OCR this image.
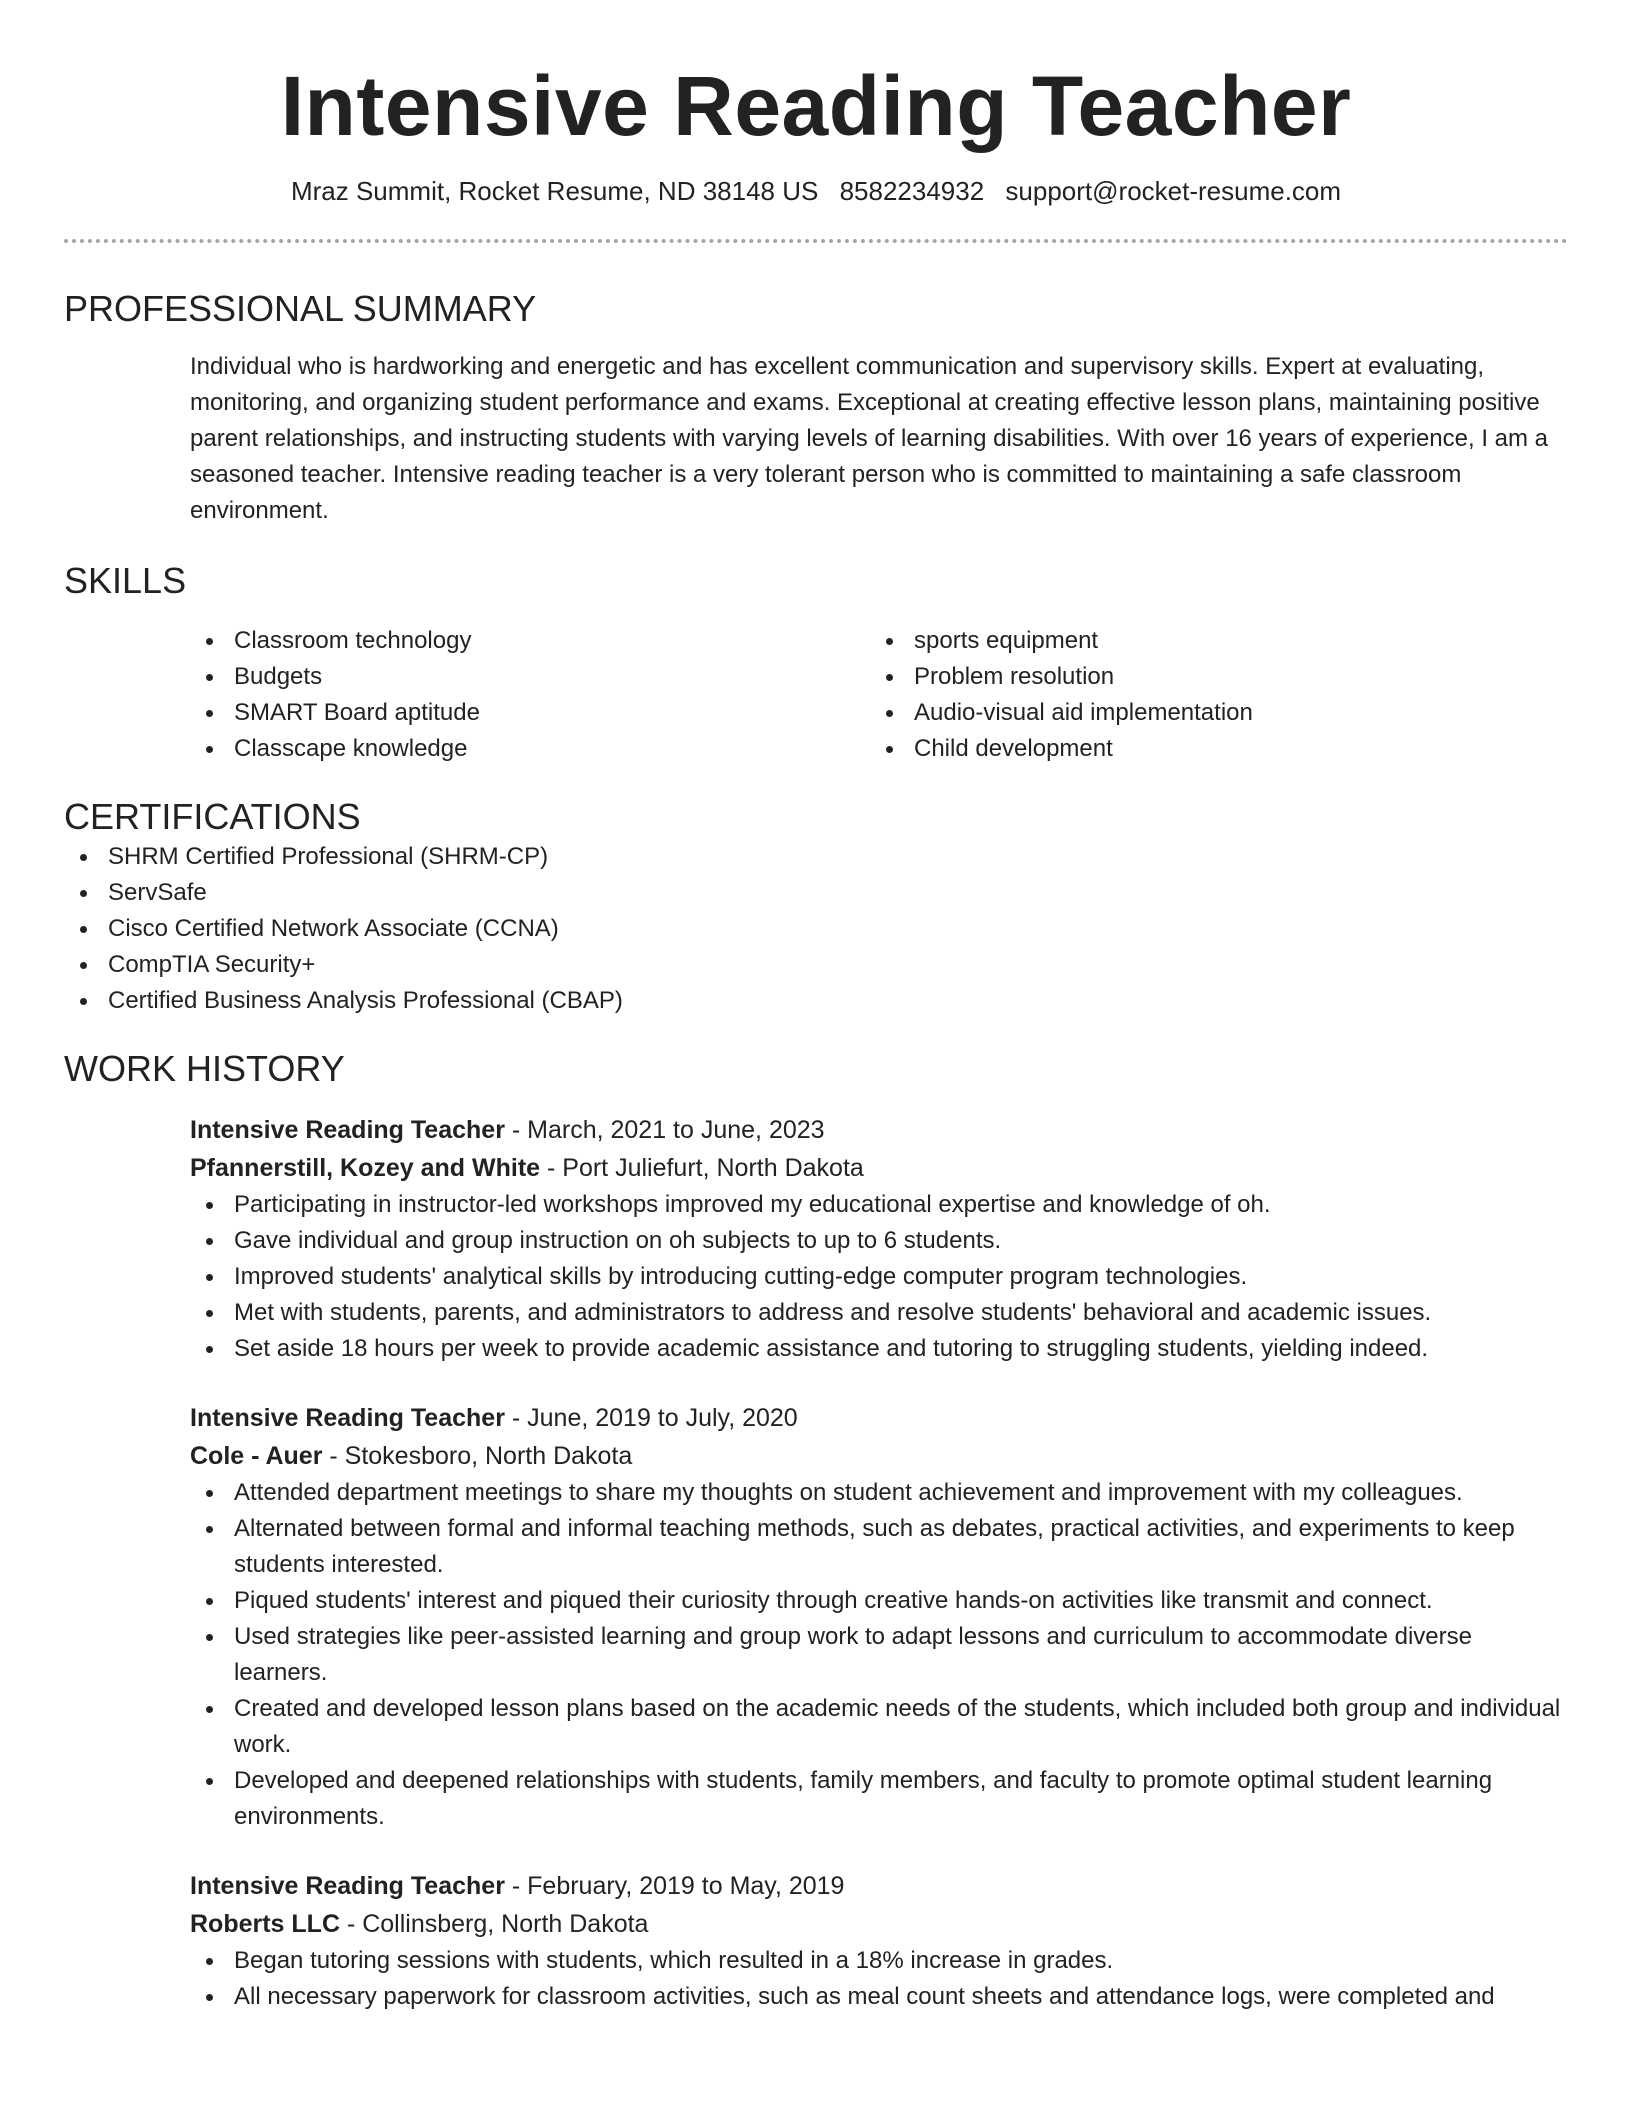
Intensive Reading Teacher
Mraz Summit, Rocket Resume, ND 38148 US 8582234932 support@rocket-resume.com
PROFESSIONAL SUMMARY

Individual who is hardworking and energetic and has excellent communication and supervisory skills. Expert at evaluating, monitoring, and organizing student performance and exams. Exceptional at creating effective lesson plans, maintaining positive parent relationships, and instructing students with varying levels of learning disabilities. With over 16 years of experience, I am a seasoned teacher. Intensive reading teacher is a very tolerant person who is committed to maintaining a safe classroom environment.

SKILLS
Classroom technology
Budgets
SMART Board aptitude
Classcape knowledge
sports equipment
Problem resolution
Audio-visual aid implementation
Child development
CERTIFICATIONS
SHRM Certified Professional (SHRM-CP)
ServSafe
Cisco Certified Network Associate (CCNA)
CompTIA Security+
Certified Business Analysis Professional (CBAP)
WORK HISTORY
Intensive Reading Teacher - March, 2021 to June, 2023
Pfannerstill, Kozey and White - Port Juliefurt, North Dakota
Participating in instructor-led workshops improved my educational expertise and knowledge of oh.
Gave individual and group instruction on oh subjects to up to 6 students.
Improved students' analytical skills by introducing cutting-edge computer program technologies.
Met with students, parents, and administrators to address and resolve students' behavioral and academic issues.
Set aside 18 hours per week to provide academic assistance and tutoring to struggling students, yielding indeed.
Intensive Reading Teacher - June, 2019 to July, 2020
Cole - Auer - Stokesboro, North Dakota
Attended department meetings to share my thoughts on student achievement and improvement with my colleagues.
Alternated between formal and informal teaching methods, such as debates, practical activities, and experiments to keep students interested.
Piqued students' interest and piqued their curiosity through creative hands-on activities like transmit and connect.
Used strategies like peer-assisted learning and group work to adapt lessons and curriculum to accommodate diverse learners.
Created and developed lesson plans based on the academic needs of the students, which included both group and individual work.
Developed and deepened relationships with students, family members, and faculty to promote optimal student learning environments.
Intensive Reading Teacher - February, 2019 to May, 2019
Roberts LLC - Collinsberg, North Dakota
Began tutoring sessions with students, which resulted in a 18% increase in grades.
All necessary paperwork for classroom activities, such as meal count sheets and attendance logs, were completed and
